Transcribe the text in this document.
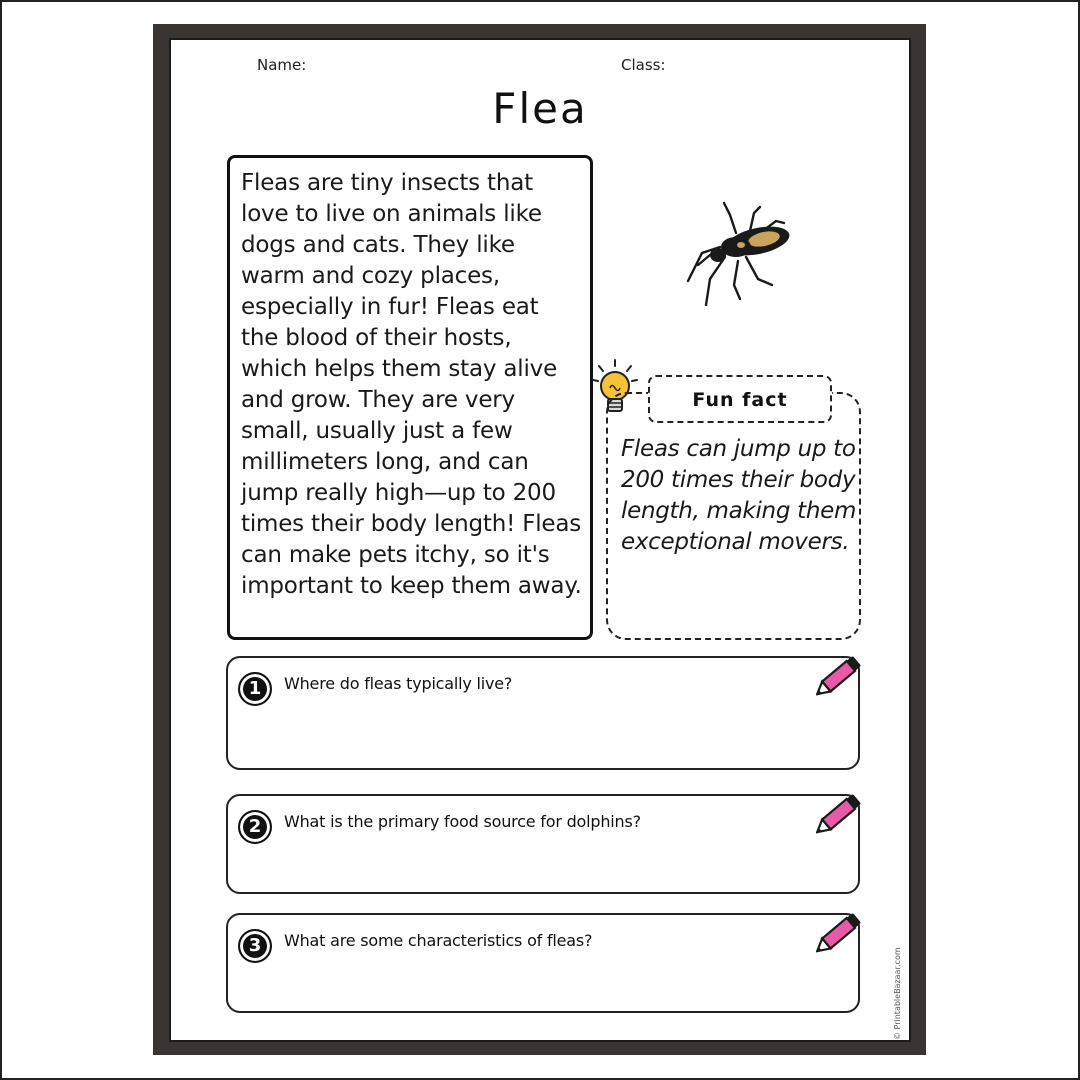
Name:	Class:
Flea

Fleas are tiny insects that love to live on animals like dogs and cats. They like warm and cozy places, especially in fur! Fleas eat the blood of their hosts, which helps them stay alive and grow. They are very small, usually just a few millimeters long, and can jump really high—up to 200 times their body length! Fleas can make pets itchy, so it's important to keep them away.

Fun fact

Fleas can jump up to 200 times their body length, making them exceptional movers.

1	Where do fleas typically live?
2	What is the primary food source for dolphins?
3	What are some characteristics of fleas?
© PrintableBazaar.com
